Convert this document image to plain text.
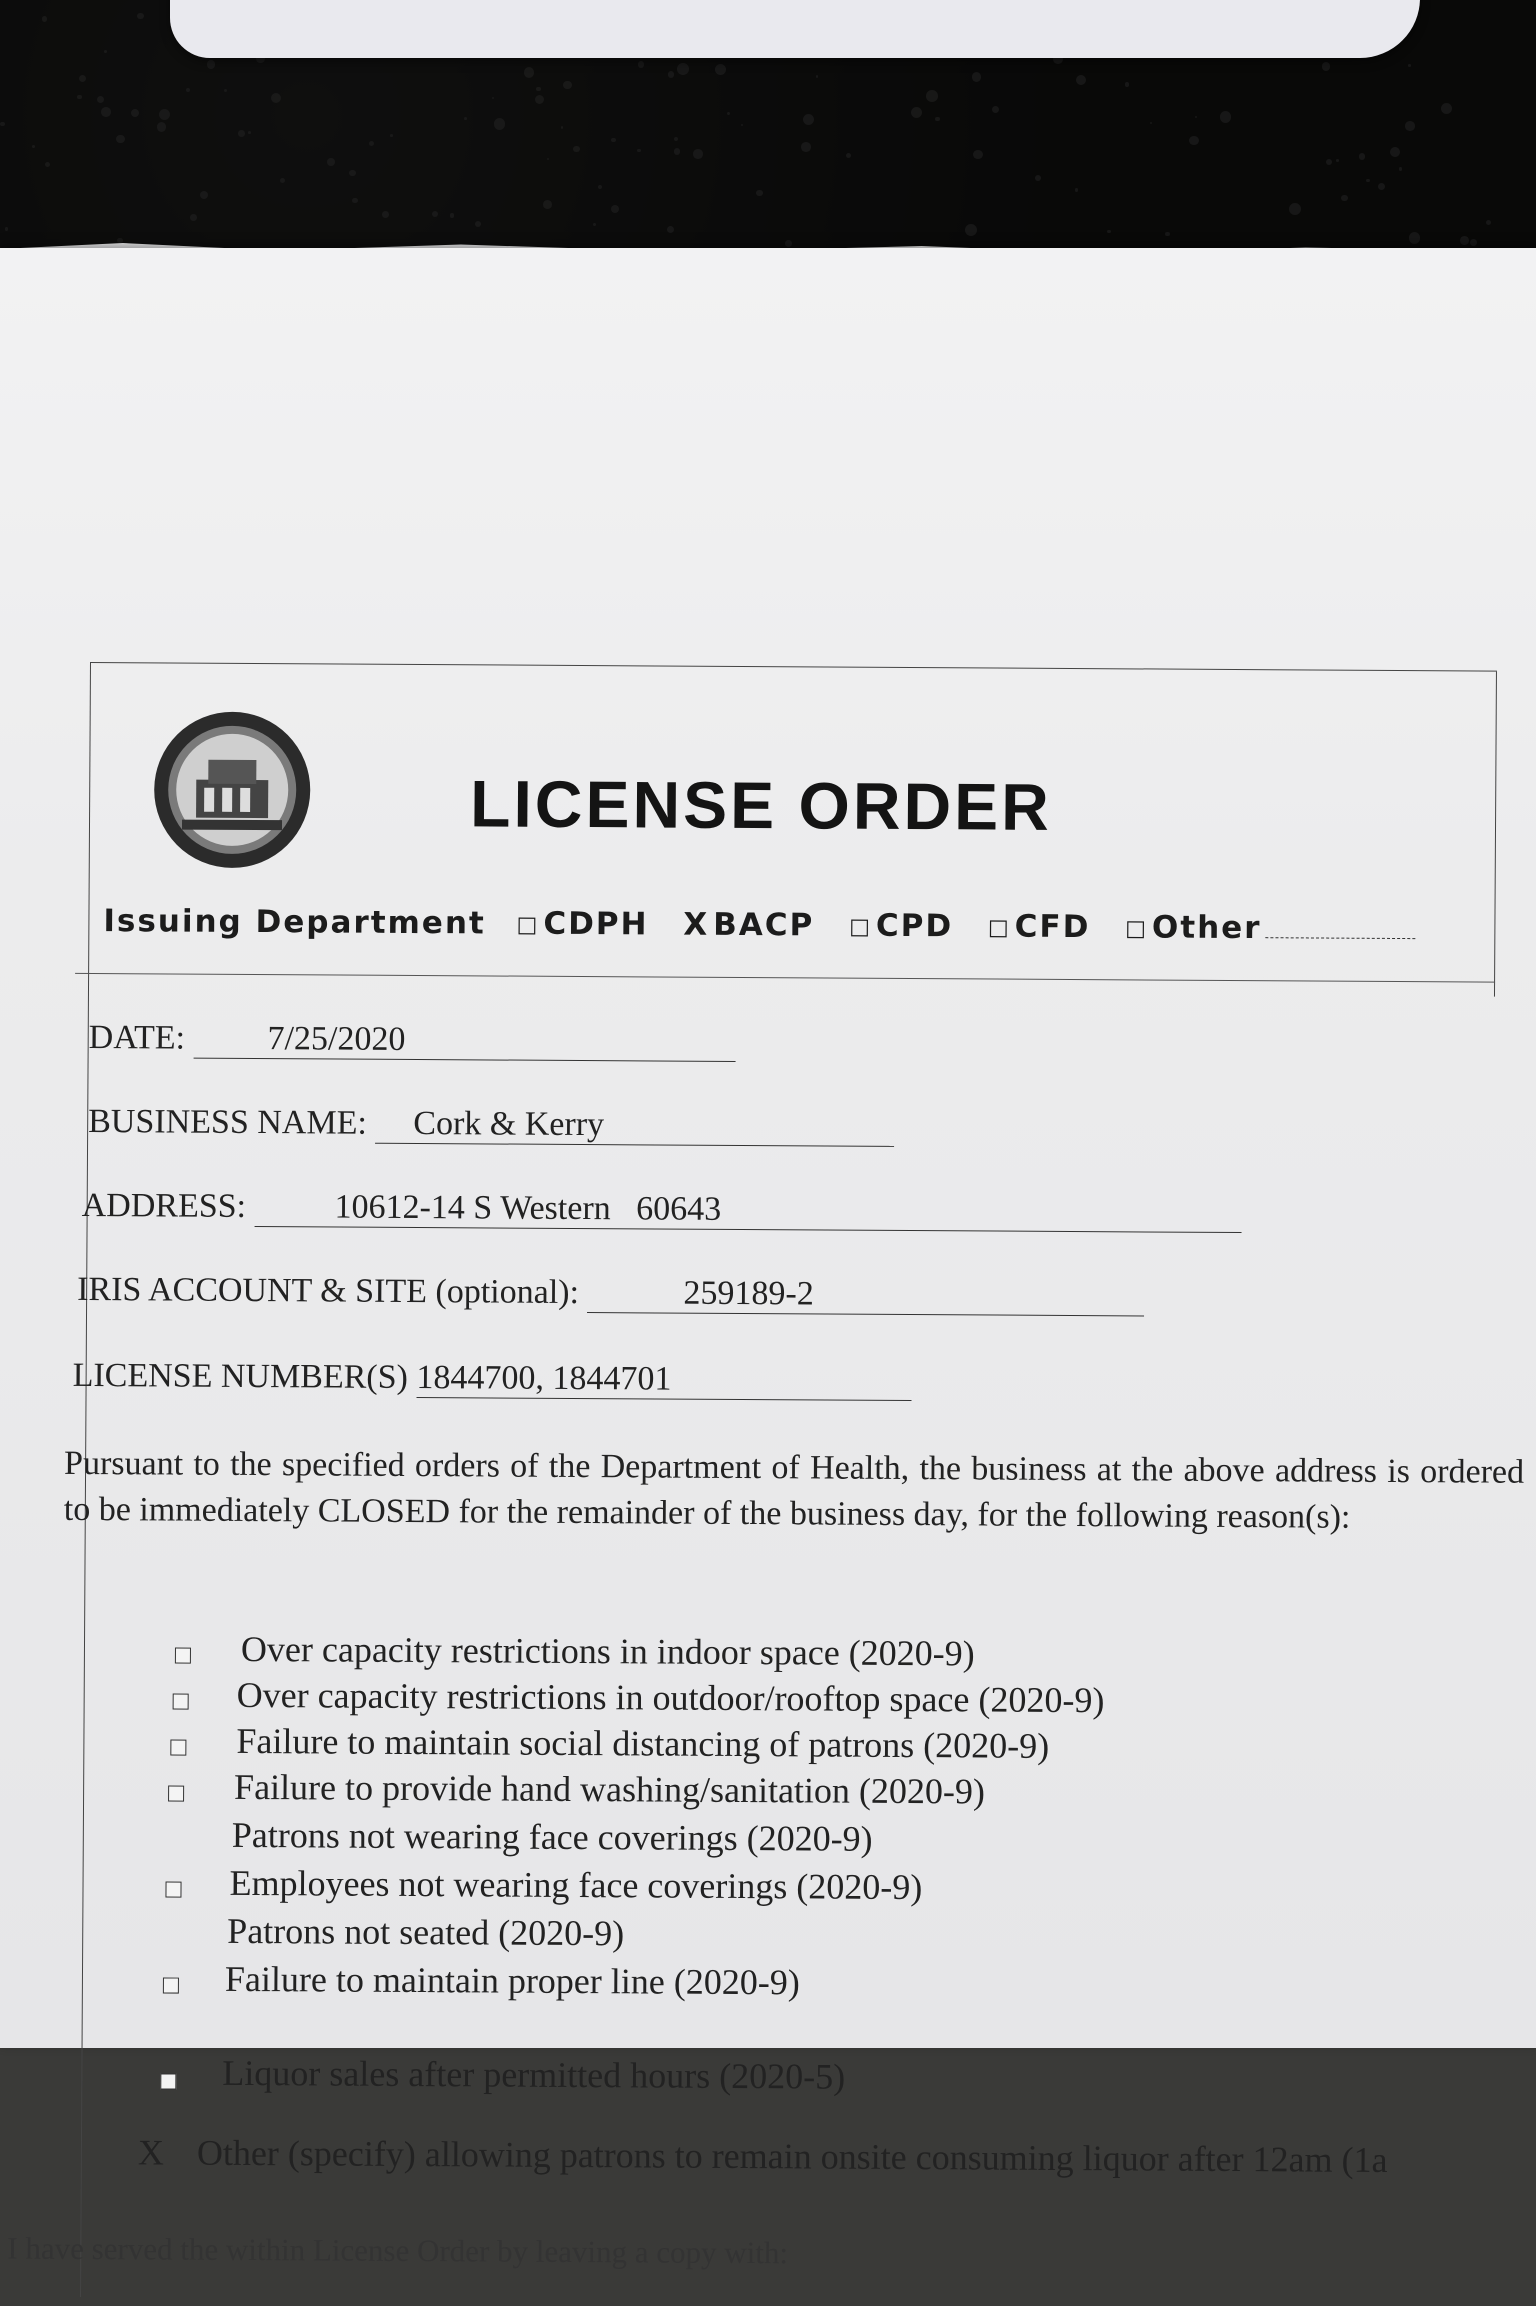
LICENSE ORDER
Issuing Department □ CDPH X BACP □ CPD □ CFD □ Other
DATE: 7/25/2020
BUSINESS NAME: Cork & Kerry
ADDRESS:	10612-14 S Western   60643
IRIS ACCOUNT & SITE (optional):	259189-2
LICENSE NUMBER(S) 1844700, 1844701
Pursuant to the specified orders of the Department of Health, the business at the above address is ordered to be immediately CLOSED for the remainder of the business day, for the following reason(s):
Over capacity restrictions in indoor space (2020-9)
Over capacity restrictions in outdoor/rooftop space (2020-9)
Failure to maintain social distancing of patrons (2020-9)
Failure to provide hand washing/sanitation (2020-9)
Patrons not wearing face coverings (2020-9)
Employees not wearing face coverings (2020-9)
Patrons not seated (2020-9)
Failure to maintain proper line (2020-9)
Liquor sales after permitted hours (2020-5)
X Other (specify) allowing patrons to remain onsite consuming liquor after 12am (1a
I have served the within License Order by leaving a copy with:
